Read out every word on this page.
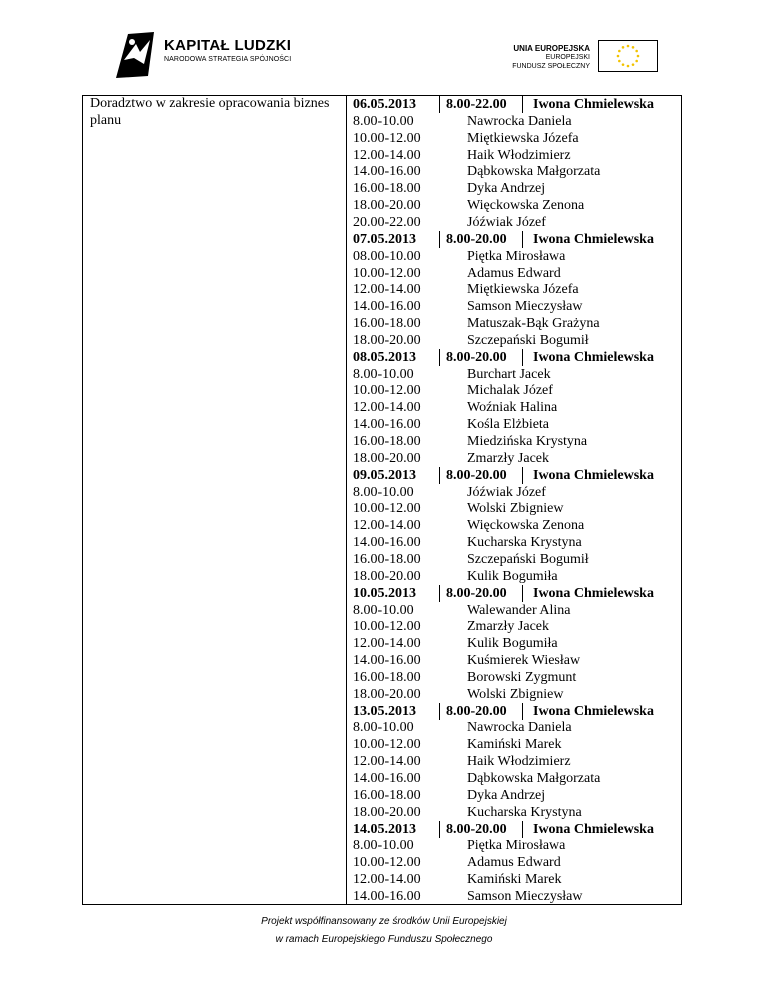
KAPITAŁ LUDZKI
NARODOWA STRATEGIA SPÓJNOŚCI
UNIA EUROPEJSKA
EUROPEJSKI
FUNDUSZ SPOŁECZNY
Doradztwo w zakresie opracowania biznes planu
06.05.2013	8.00-22.00	Iwona Chmielewska
8.00-10.00	Nawrocka Daniela
10.00-12.00	Miętkiewska Józefa
12.00-14.00	Haik Włodzimierz
14.00-16.00	Dąbkowska Małgorzata
16.00-18.00	Dyka Andrzej
18.00-20.00	Więckowska Zenona
20.00-22.00	Jóźwiak Józef
07.05.2013	8.00-20.00	Iwona Chmielewska
08.00-10.00	Piętka Mirosława
10.00-12.00	Adamus Edward
12.00-14.00	Miętkiewska Józefa
14.00-16.00	Samson Mieczysław
16.00-18.00	Matuszak-Bąk Grażyna
18.00-20.00	Szczepański Bogumił
08.05.2013	8.00-20.00	Iwona Chmielewska
8.00-10.00	Burchart Jacek
10.00-12.00	Michalak Józef
12.00-14.00	Woźniak Halina
14.00-16.00	Kośla Elżbieta
16.00-18.00	Miedzińska Krystyna
18.00-20.00	Zmarzły Jacek
09.05.2013	8.00-20.00	Iwona Chmielewska
8.00-10.00	Jóźwiak Józef
10.00-12.00	Wolski Zbigniew
12.00-14.00	Więckowska Zenona
14.00-16.00	Kucharska Krystyna
16.00-18.00	Szczepański Bogumił
18.00-20.00	Kulik Bogumiła
10.05.2013	8.00-20.00	Iwona Chmielewska
8.00-10.00	Walewander Alina
10.00-12.00	Zmarzły Jacek
12.00-14.00	Kulik Bogumiła
14.00-16.00	Kuśmierek Wiesław
16.00-18.00	Borowski Zygmunt
18.00-20.00	Wolski Zbigniew
13.05.2013	8.00-20.00	Iwona Chmielewska
8.00-10.00	Nawrocka Daniela
10.00-12.00	Kamiński Marek
12.00-14.00	Haik Włodzimierz
14.00-16.00	Dąbkowska Małgorzata
16.00-18.00	Dyka Andrzej
18.00-20.00	Kucharska Krystyna
14.05.2013	8.00-20.00	Iwona Chmielewska
8.00-10.00	Piętka Mirosława
10.00-12.00	Adamus Edward
12.00-14.00	Kamiński Marek
14.00-16.00	Samson Mieczysław
Projekt współfinansowany ze środków Unii Europejskiej
w ramach Europejskiego Funduszu Społecznego
